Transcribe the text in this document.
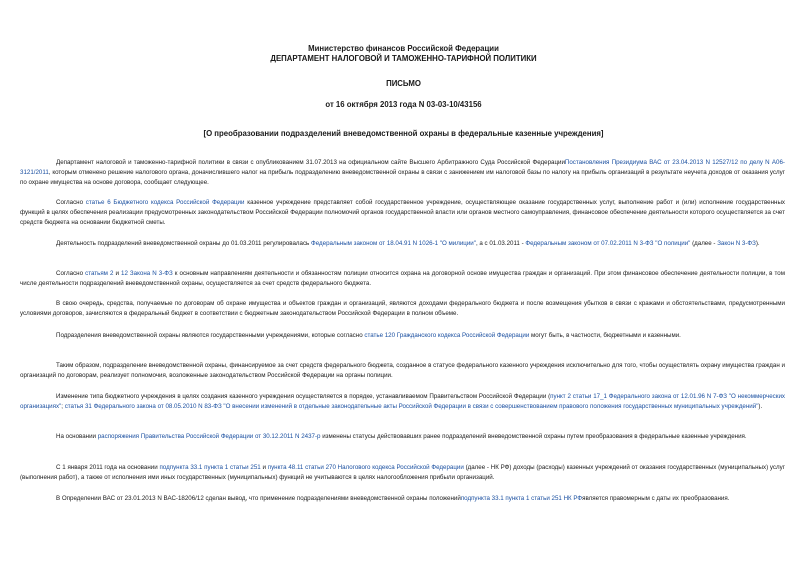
Министерство финансов Российской Федерации
ДЕПАРТАМЕНТ НАЛОГОВОЙ И ТАМОЖЕННО-ТАРИФНОЙ ПОЛИТИКИ
ПИСЬМО
от 16 октября 2013 года N 03-03-10/43156
[О преобразовании подразделений вневедомственной охраны в федеральные казенные учреждения]

Департамент налоговой и таможенно-тарифной политики в связи с опубликованием 31.07.2013 на официальном сайте Высшего Арбитражного Суда Российской ФедерацииПостановления Президиума ВАС от 23.04.2013 N 12527/12 по делу N А06-3121/2011, которым отменено решение налогового органа, доначислившего налог на прибыль подразделению вневедомственной охраны в связи с занижением им налоговой базы по налогу на прибыль организаций в результате неучета доходов от оказания услуг по охране имущества на основе договора, сообщает следующее.

Согласно статье 6 Бюджетного кодекса Российской Федерации казенное учреждение представляет собой государственное учреждение, осуществляющее оказание государственных услуг, выполнение работ и (или) исполнение государственных функций в целях обеспечения реализации предусмотренных законодательством Российской Федерации полномочий органов государственной власти или органов местного самоуправления, финансовое обеспечение деятельности которого осуществляется за счет средств бюджета на основании бюджетной сметы.

Деятельность подразделений вневедомственной охраны до 01.03.2011 регулировалась Федеральным законом от 18.04.91 N 1026-1 "О милиции", а с 01.03.2011 - Федеральным законом от 07.02.2011 N 3-ФЗ "О полиции" (далее - Закон N 3-ФЗ).

Согласно статьям 2 и 12 Закона N 3-ФЗ к основным направлениям деятельности и обязанностям полиции относится охрана на договорной основе имущества граждан и организаций. При этом финансовое обеспечение деятельности полиции, в том числе деятельности подразделений вневедомственной охраны, осуществляется за счет средств федерального бюджета.

В свою очередь, средства, получаемые по договорам об охране имущества и объектов граждан и организаций, являются доходами федерального бюджета и после возмещения убытков в связи с кражами и обстоятельствами, предусмотренными условиями договоров, зачисляются в федеральный бюджет в соответствии с бюджетным законодательством Российской Федерации в полном объеме.

Подразделения вневедомственной охраны являются государственными учреждениями, которые согласно статье 120 Гражданского кодекса Российской Федерации могут быть, в частности, бюджетными и казенными.

Таким образом, подразделение вневедомственной охраны, финансируемое за счет средств федерального бюджета, созданное в статусе федерального казенного учреждения исключительно для того, чтобы осуществлять охрану имущества граждан и организаций по договорам, реализует полномочия, возложенные законодательством Российской Федерации на органы полиции.

Изменение типа бюджетного учреждения в целях создания казенного учреждения осуществляется в порядке, устанавливаемом Правительством Российской Федерации (пункт 2 статьи 17_1 Федерального закона от 12.01.96 N 7-ФЗ "О некоммерческих организациях"; статья 31 Федерального закона от 08.05.2010 N 83-ФЗ "О внесении изменений в отдельные законодательные акты Российской Федерации в связи с совершенствованием правового положения государственных муниципальных учреждений").

На основании распоряжения Правительства Российской Федерации от 30.12.2011 N 2437-р изменены статусы действовавших ранее подразделений вневедомственной охраны путем преобразования в федеральные казенные учреждения.

С 1 января 2011 года на основании подпункта 33.1 пункта 1 статьи 251 и пункта 48.11 статьи 270 Налогового кодекса Российской Федерации (далее - НК РФ) доходы (расходы) казенных учреждений от оказания государственных (муниципальных) услуг (выполнения работ), а также от исполнения ими иных государственных (муниципальных) функций не учитываются в целях налогообложения прибыли организаций.

В Определении ВАС от 23.01.2013 N ВАС-18206/12 сделан вывод, что применение подразделениями вневедомственной охраны положенийподпункта 33.1 пункта 1 статьи 251 НК РФявляется правомерным с даты их преобразования.
